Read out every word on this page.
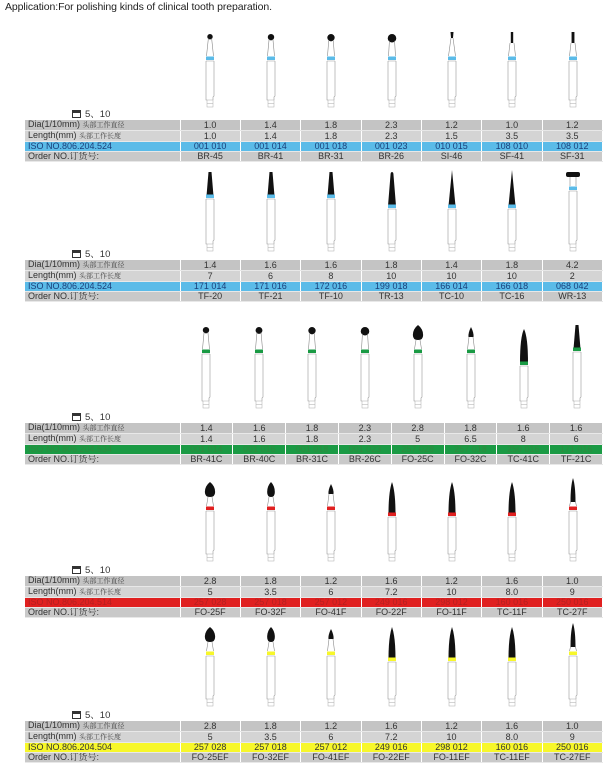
Application:For polishing kinds of clinical tooth preparation.
5、10
Dia(1/10mm) 头部工作直径	1.0	1.4	1.8	2.3	1.2	1.0	1.2
Length(mm) 头部工作长度	1.0	1.4	1.8	2.3	1.5	3.5	3.5
ISO NO.806.204.524	001 010	001 014	001 018	001 023	010 015	108 010	108 012
Order NO.订货号:	BR-45	BR-41	BR-31	BR-26	SI-46	SF-41	SF-31
5、10
Dia(1/10mm) 头部工作直径	1.4	1.6	1.6	1.8	1.4	1.8	4.2
Length(mm) 头部工作长度	7	6	8	10	10	10	2
ISO NO.806.204.524	171 014	171 016	172 016	199 018	166 014	166 018	068 042
Order NO.订货号:	TF-20	TF-21	TF-10	TR-13	TC-10	TC-16	WR-13
5、10
Dia(1/10mm) 头部工作直径	1.4	1.6	1.8	2.3	2.8	1.8	1.6	1.6
Length(mm) 头部工作长度	1.4	1.6	1.8	2.3	5	6.5	8	6
ISO NO.806.204.534	001 014	001 016	001 018	001 023	257 028	257 018	250 016	171 016
Order NO.订货号:	BR-41C	BR-40C	BR-31C	BR-26C	FO-25C	FO-32C	TC-41C	TF-21C
5、10
Dia(1/10mm) 头部工作直径	2.8	1.8	1.2	1.6	1.2	1.6	1.0
Length(mm) 头部工作长度	5	3.5	6	7.2	10	8.0	9
ISO NO.806.204.514	257 028	257 018	257 012	249 016	298 012	160 016	250 016
Order NO.订货号:	FO-25F	FO-32F	FO-41F	FO-22F	FO-11F	TC-11F	TC-27F
5、10
Dia(1/10mm) 头部工作直径	2.8	1.8	1.2	1.6	1.2	1.6	1.0
Length(mm) 头部工作长度	5	3.5	6	7.2	10	8.0	9
ISO NO.806.204.504	257 028	257 018	257 012	249 016	298 012	160 016	250 016
Order NO.订货号:	FO-25EF	FO-32EF	FO-41EF	FO-22EF	FO-11EF	TC-11EF	TC-27EF
